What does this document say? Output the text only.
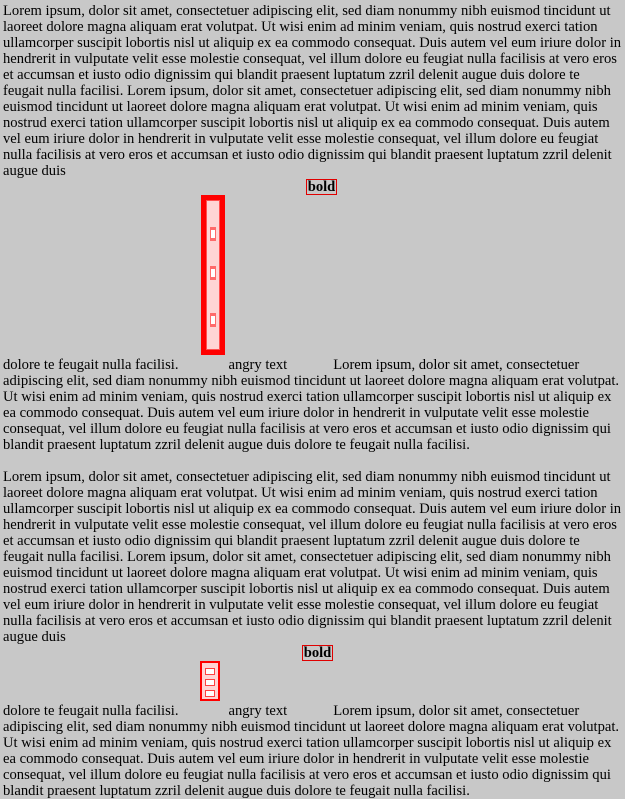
Lorem ipsum, dolor sit amet, consectetuer adipiscing elit, sed diam nonummy nibh euismod tincidunt ut laoreet dolore magna aliquam erat volutpat. Ut wisi enim ad minim veniam, quis nostrud exerci tation ullamcorper suscipit lobortis nisl ut aliquip ex ea commodo consequat. Duis autem vel eum iriure dolor in hendrerit in vulputate velit esse molestie consequat, vel illum dolore eu feugiat nulla facilisis at vero eros et accumsan et iusto odio dignissim qui blandit praesent luptatum zzril delenit augue duis dolore te feugait nulla facilisi. Lorem ipsum, dolor sit amet, consectetuer adipiscing elit, sed diam nonummy nibh euismod tincidunt ut laoreet dolore magna aliquam erat volutpat. Ut wisi enim ad minim veniam, quis nostrud exerci tation ullamcorper suscipit lobortis nisl ut aliquip ex ea commodo consequat. Duis autem vel eum iriure dolor in hendrerit in vulputate velit esse molestie consequat, vel illum dolore eu feugiat nulla facilisis at vero eros et accumsan et iusto odio dignissim qui blandit praesent luptatum zzril delenit augue duis

bold

dolore te feugait nulla facilisi.	angry text	Lorem ipsum, dolor sit amet, consectetuer adipiscing elit, sed diam nonummy nibh euismod tincidunt ut laoreet dolore magna aliquam erat volutpat. Ut wisi enim ad minim veniam, quis nostrud exerci tation ullamcorper suscipit lobortis nisl ut aliquip ex ea commodo consequat. Duis autem vel eum iriure dolor in hendrerit in vulputate velit esse molestie consequat, vel illum dolore eu feugiat nulla facilisis at vero eros et accumsan et iusto odio dignissim qui blandit praesent luptatum zzril delenit augue duis dolore te feugait nulla facilisi.

Lorem ipsum, dolor sit amet, consectetuer adipiscing elit, sed diam nonummy nibh euismod tincidunt ut laoreet dolore magna aliquam erat volutpat. Ut wisi enim ad minim veniam, quis nostrud exerci tation ullamcorper suscipit lobortis nisl ut aliquip ex ea commodo consequat. Duis autem vel eum iriure dolor in hendrerit in vulputate velit esse molestie consequat, vel illum dolore eu feugiat nulla facilisis at vero eros et accumsan et iusto odio dignissim qui blandit praesent luptatum zzril delenit augue duis dolore te feugait nulla facilisi. Lorem ipsum, dolor sit amet, consectetuer adipiscing elit, sed diam nonummy nibh euismod tincidunt ut laoreet dolore magna aliquam erat volutpat. Ut wisi enim ad minim veniam, quis nostrud exerci tation ullamcorper suscipit lobortis nisl ut aliquip ex ea commodo consequat. Duis autem vel eum iriure dolor in hendrerit in vulputate velit esse molestie consequat, vel illum dolore eu feugiat nulla facilisis at vero eros et accumsan et iusto odio dignissim qui blandit praesent luptatum zzril delenit augue duis

bold

dolore te feugait nulla facilisi.	angry text	Lorem ipsum, dolor sit amet, consectetuer adipiscing elit, sed diam nonummy nibh euismod tincidunt ut laoreet dolore magna aliquam erat volutpat. Ut wisi enim ad minim veniam, quis nostrud exerci tation ullamcorper suscipit lobortis nisl ut aliquip ex ea commodo consequat. Duis autem vel eum iriure dolor in hendrerit in vulputate velit esse molestie consequat, vel illum dolore eu feugiat nulla facilisis at vero eros et accumsan et iusto odio dignissim qui blandit praesent luptatum zzril delenit augue duis dolore te feugait nulla facilisi.
